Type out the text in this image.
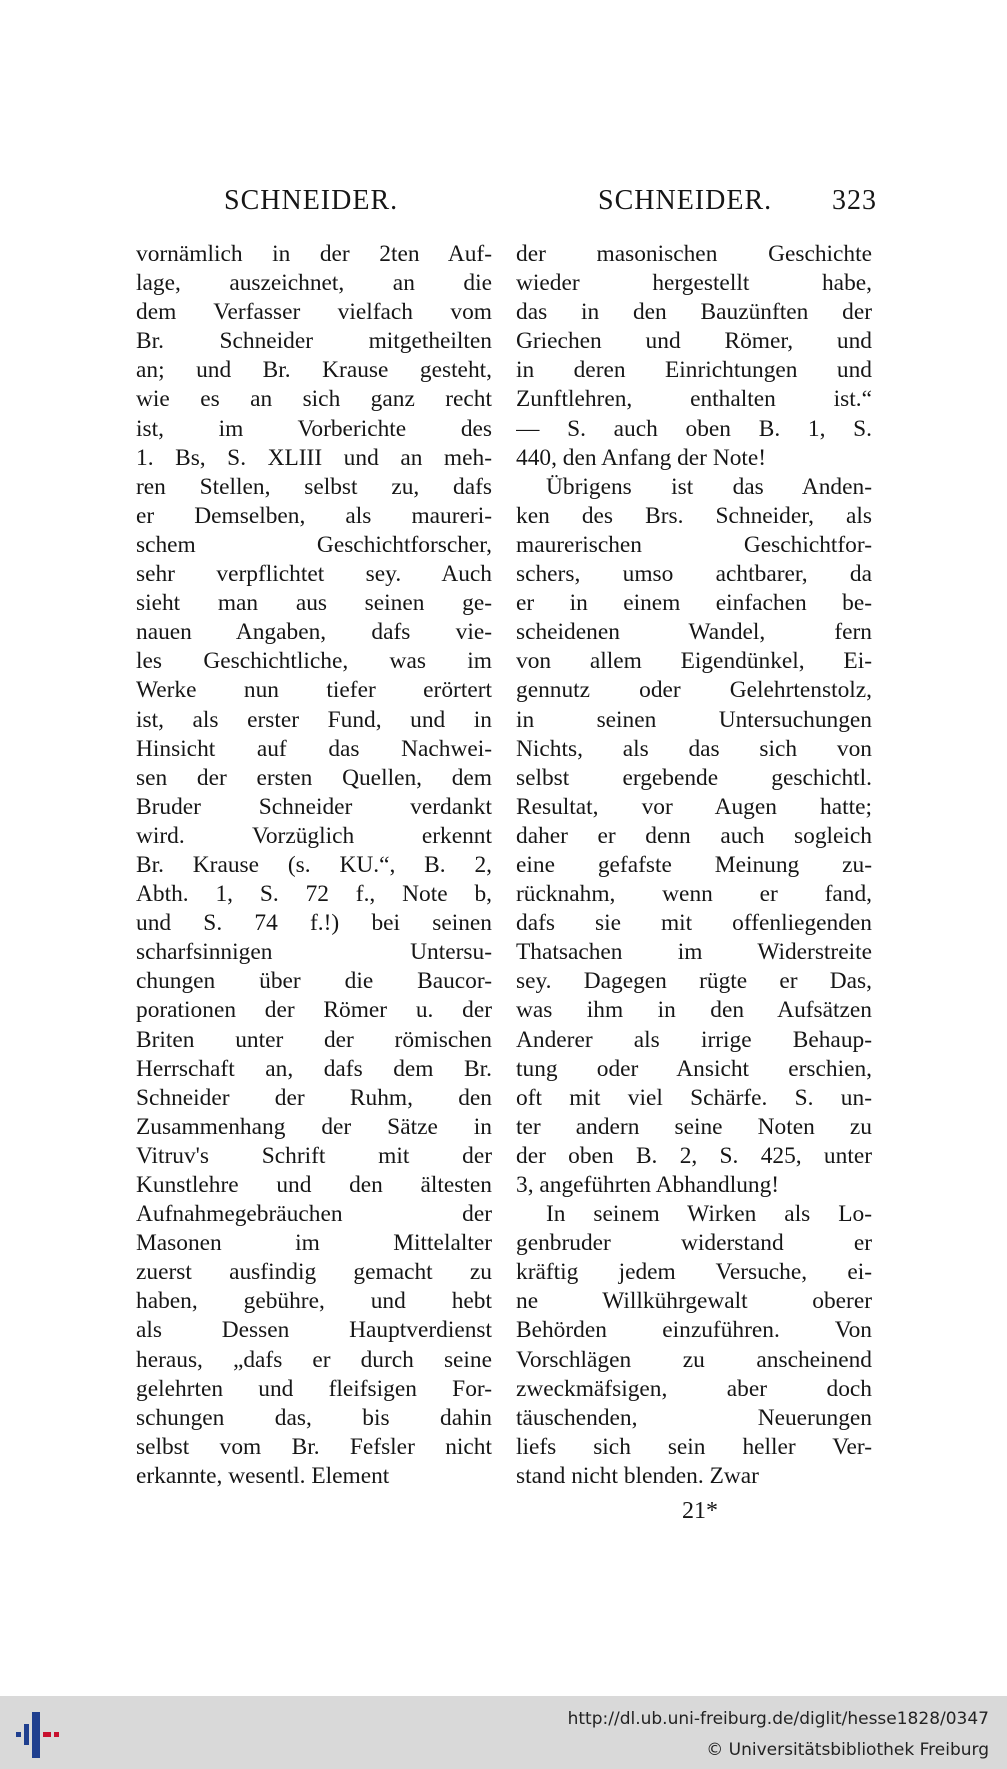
SCHNEIDER.	SCHNEIDER. 323
vornämlich in der 2ten Auf-
lage, auszeichnet, an die
dem Verfasser vielfach vom
Br. Schneider mitgetheilten
an; und Br. Krause gesteht,
wie es an sich ganz recht
ist, im Vorberichte des
1. Bs, S. XLIII und an meh-
ren Stellen, selbst zu, dafs
er Demselben, als maureri-
schem Geschichtforscher,
sehr verpflichtet sey. Auch
sieht man aus seinen ge-
nauen Angaben, dafs vie-
les Geschichtliche, was im
Werke nun tiefer erörtert
ist, als erster Fund, und in
Hinsicht auf das Nachwei-
sen der ersten Quellen, dem
Bruder Schneider verdankt
wird. Vorzüglich erkennt
Br. Krause (s. KU.“, B. 2,
Abth. 1, S. 72 f., Note b,
und S. 74 f.!) bei seinen
scharfsinnigen Untersu-
chungen über die Baucor-
porationen der Römer u. der
Briten unter der römischen
Herrschaft an, dafs dem Br.
Schneider der Ruhm, den
Zusammenhang der Sätze in
Vitruv's Schrift mit der
Kunstlehre und den ältesten
Aufnahmegebräuchen der
Masonen im Mittelalter
zuerst ausfindig gemacht zu
haben, gebühre, und hebt
als Dessen Hauptverdienst
heraus, „dafs er durch seine
gelehrten und fleifsigen For-
schungen das, bis dahin
selbst vom Br. Fefsler nicht
erkannte, wesentl. Element
der masonischen Geschichte
wieder hergestellt habe,
das in den Bauzünften der
Griechen und Römer, und
in deren Einrichtungen und
Zunftlehren, enthalten ist.“
— S. auch oben B. 1, S.
440, den Anfang der Note!
Übrigens ist das Anden-
ken des Brs. Schneider, als
maurerischen Geschichtfor-
schers, umso achtbarer, da
er in einem einfachen be-
scheidenen Wandel, fern
von allem Eigendünkel, Ei-
gennutz oder Gelehrtenstolz,
in seinen Untersuchungen
Nichts, als das sich von
selbst ergebende geschichtl.
Resultat, vor Augen hatte;
daher er denn auch sogleich
eine gefafste Meinung zu-
rücknahm, wenn er fand,
dafs sie mit offenliegenden
Thatsachen im Widerstreite
sey. Dagegen rügte er Das,
was ihm in den Aufsätzen
Anderer als irrige Behaup-
tung oder Ansicht erschien,
oft mit viel Schärfe. S. un-
ter andern seine Noten zu
der oben B. 2, S. 425, unter
3, angeführten Abhandlung!
In seinem Wirken als Lo-
genbruder widerstand er
kräftig jedem Versuche, ei-
ne Willkührgewalt oberer
Behörden einzuführen. Von
Vorschlägen zu anscheinend
zweckmäfsigen, aber doch
täuschenden, Neuerungen
liefs sich sein heller Ver-
stand nicht blenden. Zwar
21*
http://dl.ub.uni-freiburg.de/diglit/hesse1828/0347
© Universitätsbibliothek Freiburg
